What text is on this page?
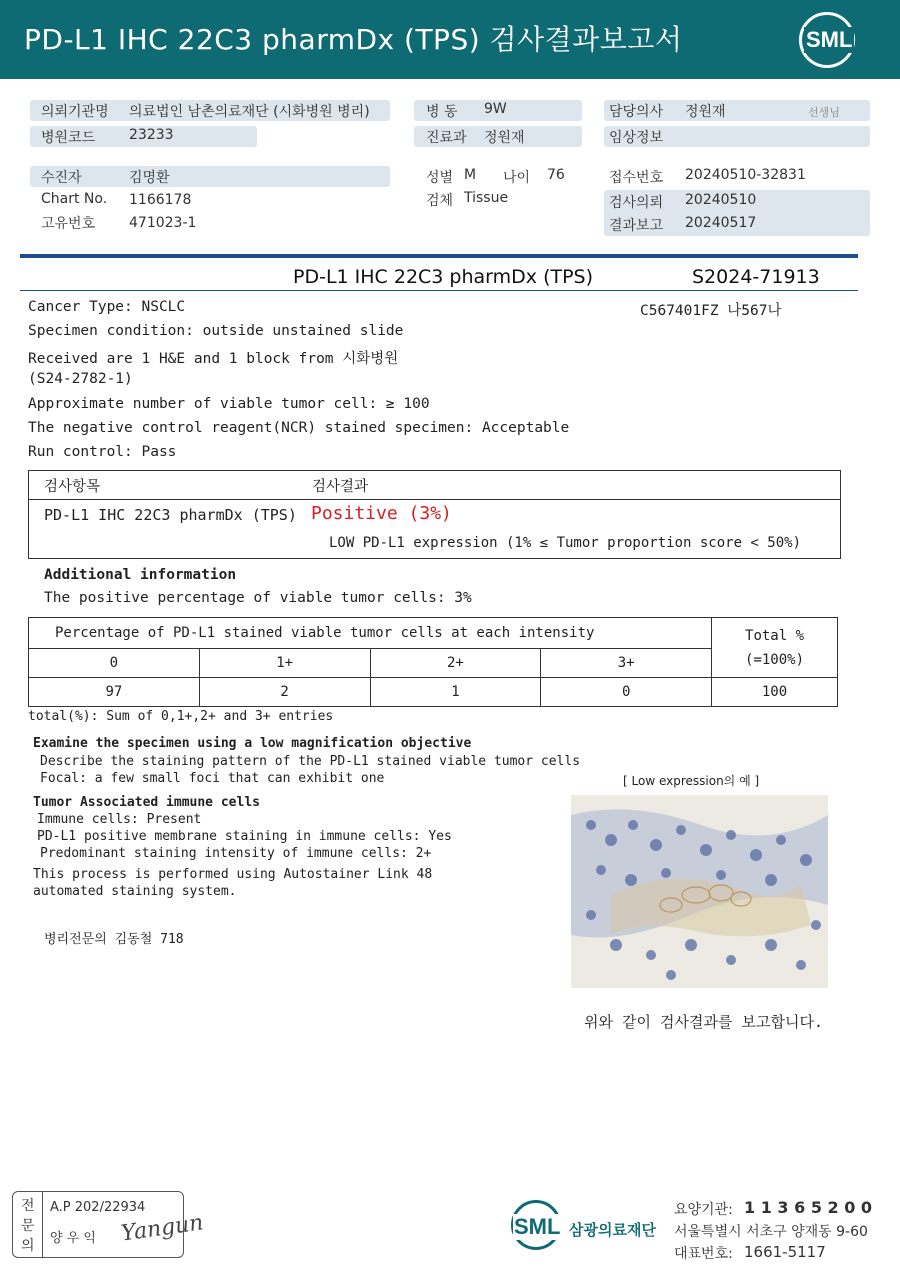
PD-L1 IHC 22C3 pharmDx (TPS) 검사결과보고서	SML
의뢰기관명 의료법인 남촌의료재단 (시화병원 병리)
병원코드 23233
병 동 9W
진료과 정원재
담당의사 정원재	선생님
임상정보
수진자	김명환
Chart No. 1166178
고유번호 471023-1
성별 M 나이 76
검체 Tissue
접수번호 20240510-32831
검사의뢰 20240510
결과보고 20240517
PD-L1 IHC 22C3 pharmDx (TPS)	S2024-71913
Cancer Type: NSCLC	C567401FZ 나567나
Specimen condition: outside unstained slide
Received are 1 H&E and 1 block from 시화병원
(S24-2782-1)
Approximate number of viable tumor cell: ≥ 100
The negative control reagent(NCR) stained specimen: Acceptable
Run control: Pass
검사항목	검사결과
PD-L1 IHC 22C3 pharmDx (TPS) Positive (3%)
LOW PD-L1 expression (1% ≤ Tumor proportion score < 50%)
Additional information
The positive percentage of viable tumor cells: 3%
Percentage of PD-L1 stained viable tumor cells at each intensity				Total %
(=100%)

0	1+	2+	3+	
97	2	1	0	100
total(%): Sum of 0,1+,2+ and 3+ entries
Examine the specimen using a low magnification objective
Describe the staining pattern of the PD-L1 stained viable tumor cells
Focal: a few small foci that can exhibit one	[ Low expression의 예 ]
Tumor Associated immune cells
Immune cells: Present
PD-L1 positive membrane staining in immune cells: Yes
Predominant staining intensity of immune cells: 2+
This process is performed using Autostainer Link 48
automated staining system.
병리전문의 김동철 718
위와 같이 검사결과를 보고합니다.
전
문
의
A.P 202/22934
양 우 익 Yangun	SML 삼광의료재단
요양기관: 1 1 3 6 5 2 0 0
서울특별시 서초구 양재동 9-60
대표번호: 1661-5117
